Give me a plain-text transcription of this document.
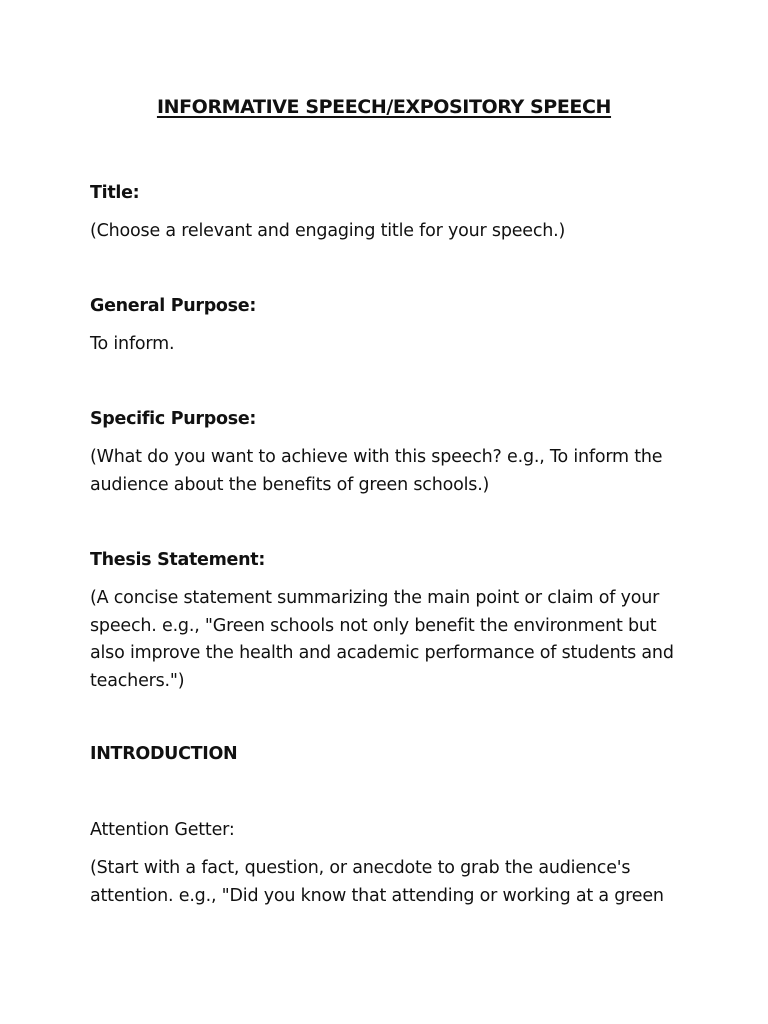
INFORMATIVE SPEECH/EXPOSITORY SPEECH
Title:
(Choose a relevant and engaging title for your speech.)
General Purpose:
To inform.
Specific Purpose:
(What do you want to achieve with this speech? e.g., To inform the audience about the benefits of green schools.)
Thesis Statement:
(A concise statement summarizing the main point or claim of your speech. e.g., "Green schools not only benefit the environment but also improve the health and academic performance of students and teachers.")
INTRODUCTION
Attention Getter:
(Start with a fact, question, or anecdote to grab the audience's attention. e.g., "Did you know that attending or working at a green
